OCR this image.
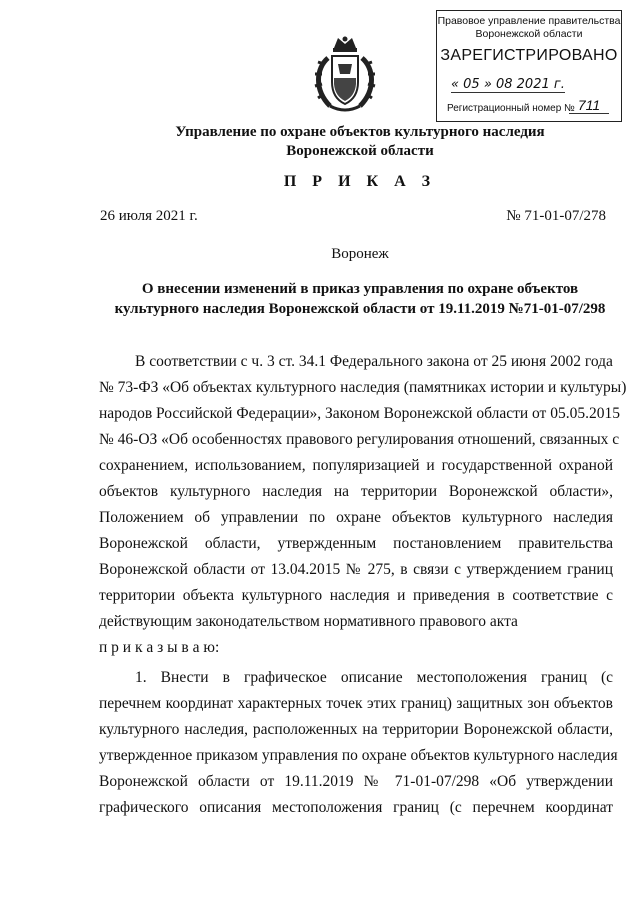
Правовое управление правительства
Воронежской области
ЗАРЕГИСТРИРОВАНО
« 05 » 08 2021 г.
Регистрационный номер № 711
Управление по охране объектов культурного наследия
Воронежской области
П Р И К А З
26 июля 2021 г.	№ 71-01-07/278
Воронеж
О внесении изменений в приказ управления по охране объектов
культурного наследия Воронежской области от 19.11.2019 №71-01-07/298
В соответствии с ч. 3 ст. 34.1 Федерального закона от 25 июня 2002 года
№ 73-ФЗ «Об объектах культурного наследия (памятниках истории и культуры)
народов Российской Федерации», Законом Воронежской области от 05.05.2015
№ 46-ОЗ «Об особенностях правового регулирования отношений, связанных с
сохранением, использованием, популяризацией и государственной охраной
объектов культурного наследия на территории Воронежской области»,
Положением об управлении по охране объектов культурного наследия
Воронежской области, утвержденным постановлением правительства
Воронежской области от 13.04.2015 № 275, в связи с утверждением границ
территории объекта культурного наследия и приведения в соответствие с
действующим законодательством нормативного правового акта
п р и к а з ы в а ю:
1. Внести в графическое описание местоположения границ (с
перечнем координат характерных точек этих границ) защитных зон объектов
культурного наследия, расположенных на территории Воронежской области,
утвержденное приказом управления по охране объектов культурного наследия
Воронежской области от 19.11.2019 № 71-01-07/298 «Об утверждении
графического описания местоположения границ (с перечнем координат
